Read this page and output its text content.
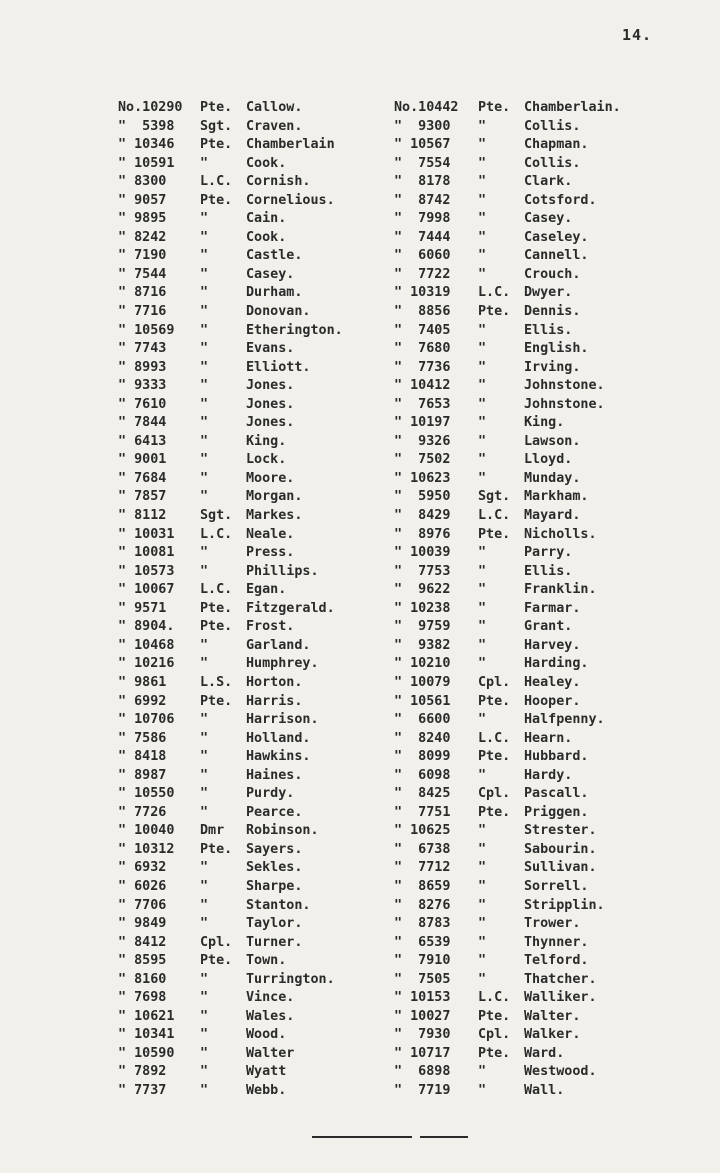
14.
No.10290	Pte.	Callow.	No.10442	Pte.	Chamberlain.
"  5398	Sgt.	Craven.	"  9300	"	Collis.
" 10346	Pte.	Chamberlain	" 10567	"	Chapman.
" 10591	"	Cook.	"  7554	"	Collis.
" 8300	L.C.	Cornish.	"  8178	"	Clark.
" 9057	Pte.	Cornelious.	"  8742	"	Cotsford.
" 9895	"	Cain.	"  7998	"	Casey.
" 8242	"	Cook.	"  7444	"	Caseley.
" 7190	"	Castle.	"  6060	"	Cannell.
" 7544	"	Casey.	"  7722	"	Crouch.
" 8716	"	Durham.	" 10319	L.C.	Dwyer.
" 7716	"	Donovan.	"  8856	Pte.	Dennis.
" 10569	"	Etherington.	"  7405	"	Ellis.
" 7743	"	Evans.	"  7680	"	English.
" 8993	"	Elliott.	"  7736	"	Irving.
" 9333	"	Jones.	" 10412	"	Johnstone.
" 7610	"	Jones.	"  7653	"	Johnstone.
" 7844	"	Jones.	" 10197	"	King.
" 6413	"	King.	"  9326	"	Lawson.
" 9001	"	Lock.	"  7502	"	Lloyd.
" 7684	"	Moore.	" 10623	"	Munday.
" 7857	"	Morgan.	"  5950	Sgt.	Markham.
" 8112	Sgt.	Markes.	"  8429	L.C.	Mayard.
" 10031	L.C.	Neale.	"  8976	Pte.	Nicholls.
" 10081	"	Press.	" 10039	"	Parry.
" 10573	"	Phillips.	"  7753	"	Ellis.
" 10067	L.C.	Egan.	"  9622	"	Franklin.
" 9571	Pte.	Fitzgerald.	" 10238	"	Farmar.
" 8904.	Pte.	Frost.	"  9759	"	Grant.
" 10468	"	Garland.	"  9382	"	Harvey.
" 10216	"	Humphrey.	" 10210	"	Harding.
" 9861	L.S.	Horton.	" 10079	Cpl.	Healey.
" 6992	Pte.	Harris.	" 10561	Pte.	Hooper.
" 10706	"	Harrison.	"  6600	"	Halfpenny.
" 7586	"	Holland.	"  8240	L.C.	Hearn.
" 8418	"	Hawkins.	"  8099	Pte.	Hubbard.
" 8987	"	Haines.	"  6098	"	Hardy.
" 10550	"	Purdy.	"  8425	Cpl.	Pascall.
" 7726	"	Pearce.	"  7751	Pte.	Priggen.
" 10040	Dmr	Robinson.	" 10625	"	Strester.
" 10312	Pte.	Sayers.	"  6738	"	Sabourin.
" 6932	"	Sekles.	"  7712	"	Sullivan.
" 6026	"	Sharpe.	"  8659	"	Sorrell.
" 7706	"	Stanton.	"  8276	"	Stripplin.
" 9849	"	Taylor.	"  8783	"	Trower.
" 8412	Cpl.	Turner.	"  6539	"	Thynner.
" 8595	Pte.	Town.	"  7910	"	Telford.
" 8160	"	Turrington.	"  7505	"	Thatcher.
" 7698	"	Vince.	" 10153	L.C.	Walliker.
" 10621	"	Wales.	" 10027	Pte.	Walter.
" 10341	"	Wood.	"  7930	Cpl.	Walker.
" 10590	"	Walter	" 10717	Pte.	Ward.
" 7892	"	Wyatt	"  6898	"	Westwood.
" 7737	"	Webb.	"  7719	"	Wall.
